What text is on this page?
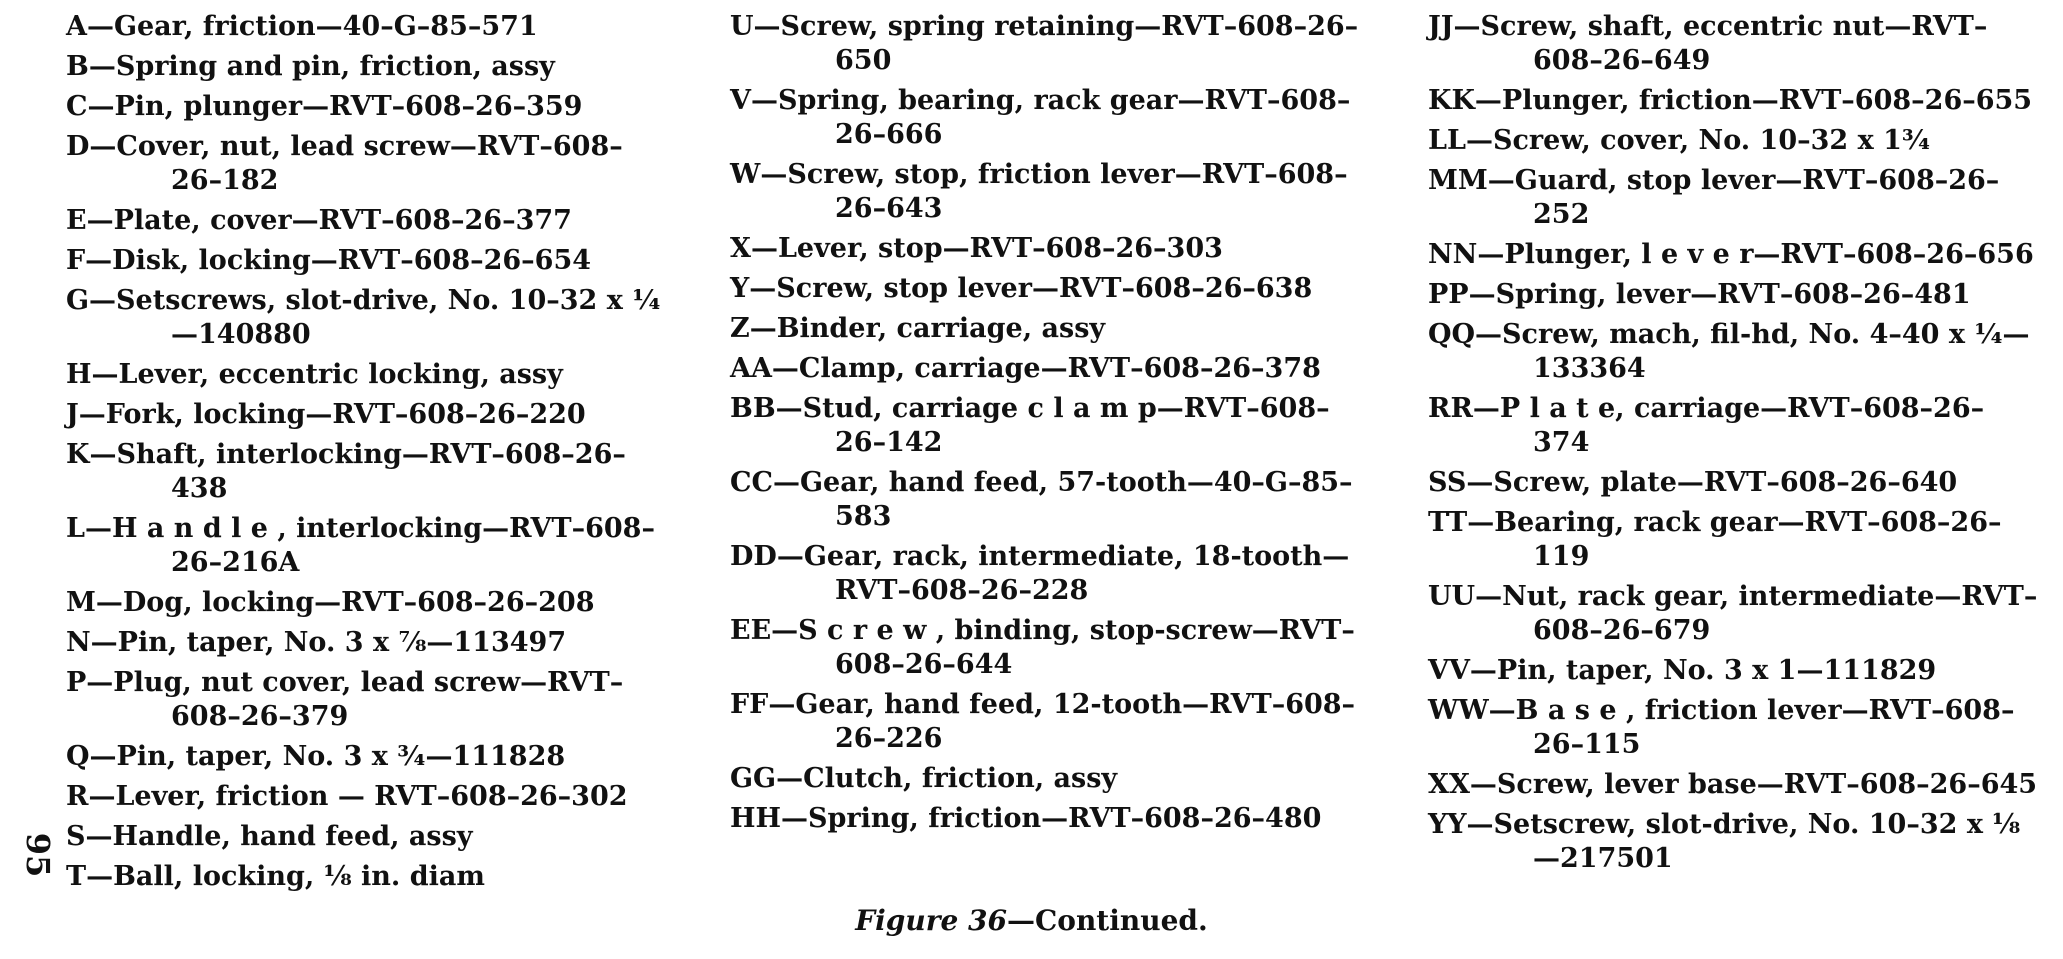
A—Gear, friction—40–G–85–571
B—Spring and pin, friction, assy
C—Pin, plunger—RVT–608–26–359
D—Cover, nut, lead screw—RVT–608–26–182
E—Plate, cover—RVT–608–26–377
F—Disk, locking—RVT–608–26–654
G—Setscrews, slot-drive, No. 10–32 x ¼—140880
H—Lever, eccentric locking, assy
J—Fork, locking—RVT–608–26–220
K—Shaft, interlocking—RVT–608–26–438
L—H a n d l e , interlocking—RVT–608–26–216A
M—Dog, locking—RVT–608–26–208
N—Pin, taper, No. 3 x ⅞—113497
P—Plug, nut cover, lead screw—RVT–608–26–379
Q—Pin, taper, No. 3 x ¾—111828
R—Lever, friction — RVT–608–26–302
S—Handle, hand feed, assy
T—Ball, locking, ⅛ in. diam
U—Screw, spring retaining—RVT–608–26–650
V—Spring, bearing, rack gear—RVT–608–26–666
W—Screw, stop, friction lever—RVT–608–26–643
X—Lever, stop—RVT–608–26–303
Y—Screw, stop lever—RVT–608–26–638
Z—Binder, carriage, assy
AA—Clamp, carriage—RVT–608–26–378
BB—Stud, carriage c l a m p—RVT–608–26–142
CC—Gear, hand feed, 57-tooth—40–G–85–583
DD—Gear, rack, intermediate, 18-tooth—RVT–608–26–228
EE—S c r e w , binding, stop-screw—RVT–608–26–644
FF—Gear, hand feed, 12-tooth—RVT–608–26–226
GG—Clutch, friction, assy
HH—Spring, friction—RVT–608–26–480
JJ—Screw, shaft, eccentric nut—RVT–608–26–649
KK—Plunger, friction—RVT–608–26–655
LL—Screw, cover, No. 10–32 x 1¾
MM—Guard, stop lever—RVT–608–26–252
NN—Plunger, l e v e r—RVT–608–26–656
PP—Spring, lever—RVT–608–26–481
QQ—Screw, mach, fil-hd, No. 4–40 x ¼—133364
RR—P l a t e, carriage—RVT–608–26–374
SS—Screw, plate—RVT–608–26–640
TT—Bearing, rack gear—RVT–608–26–119
UU—Nut, rack gear, intermediate—RVT–608–26–679
VV—Pin, taper, No. 3 x 1—111829
WW—B a s e , friction lever—RVT–608–26–115
XX—Screw, lever base—RVT–608–26–645
YY—Setscrew, slot-drive, No. 10–32 x ⅛—217501
95
Figure 36—Continued.
